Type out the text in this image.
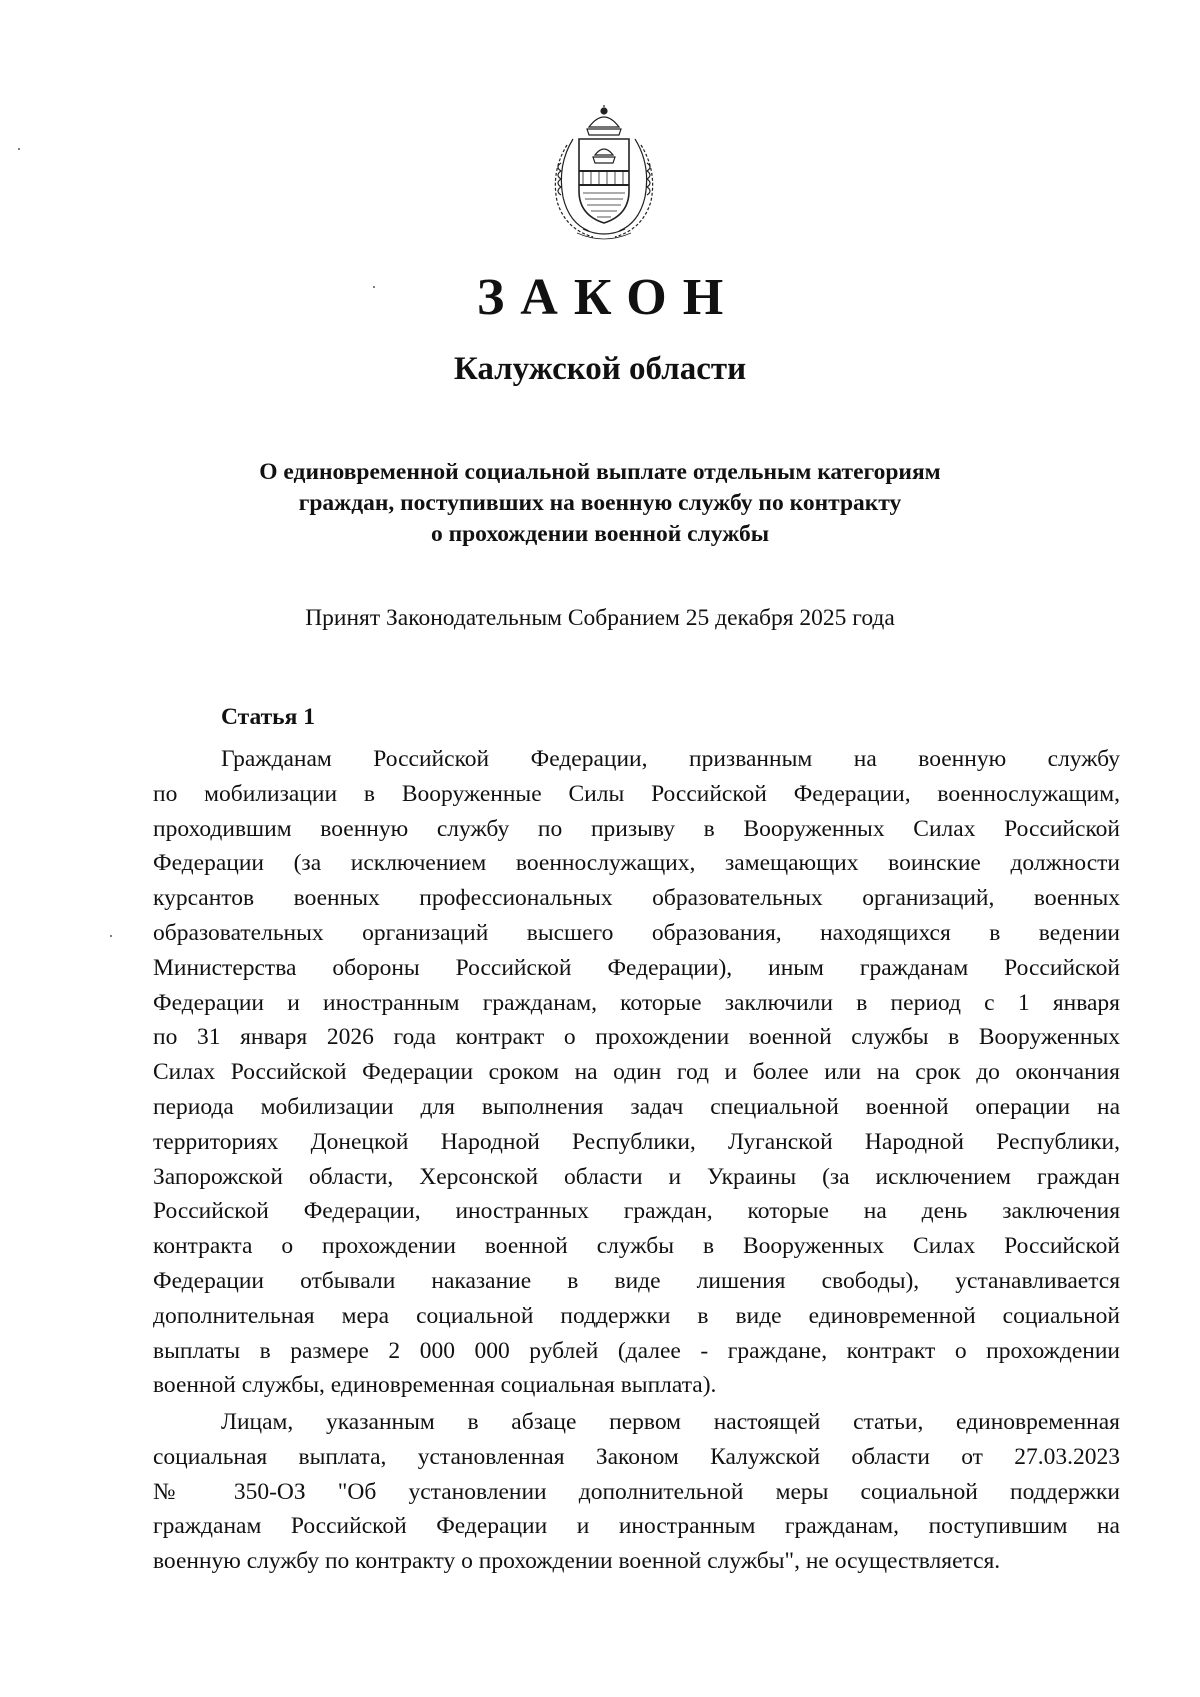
ЗАКОН
Калужской области
О единовременной социальной выплате отдельным категориям
граждан, поступивших на военную службу по контракту
о прохождении военной службы
Принят Законодательным Собранием 25 декабря 2025 года
Статья 1

Гражданам Российской Федерации, призванным на военную службу
по мобилизации в Вооруженные Силы Российской Федерации, военнослужащим,
проходившим военную службу по призыву в Вооруженных Силах Российской
Федерации (за исключением военнослужащих, замещающих воинские должности
курсантов военных профессиональных образовательных организаций, военных
образовательных организаций высшего образования, находящихся в ведении
Министерства обороны Российской Федерации), иным гражданам Российской
Федерации и иностранным гражданам, которые заключили в период с 1 января
по 31 января 2026 года контракт о прохождении военной службы в Вооруженных
Силах Российской Федерации сроком на один год и более или на срок до окончания
периода мобилизации для выполнения задач специальной военной операции на
территориях Донецкой Народной Республики, Луганской Народной Республики,
Запорожской области, Херсонской области и Украины (за исключением граждан
Российской Федерации, иностранных граждан, которые на день заключения
контракта о прохождении военной службы в Вооруженных Силах Российской
Федерации отбывали наказание в виде лишения свободы), устанавливается
дополнительная мера социальной поддержки в виде единовременной социальной
выплаты в размере 2 000 000 рублей (далее - граждане, контракт о прохождении
военной службы, единовременная социальная выплата).

Лицам, указанным в абзаце первом настоящей статьи, единовременная
социальная выплата, установленная Законом Калужской области от 27.03.2023
№ 350-ОЗ "Об установлении дополнительной меры социальной поддержки
гражданам Российской Федерации и иностранным гражданам, поступившим на
военную службу по контракту о прохождении военной службы", не осуществляется.
